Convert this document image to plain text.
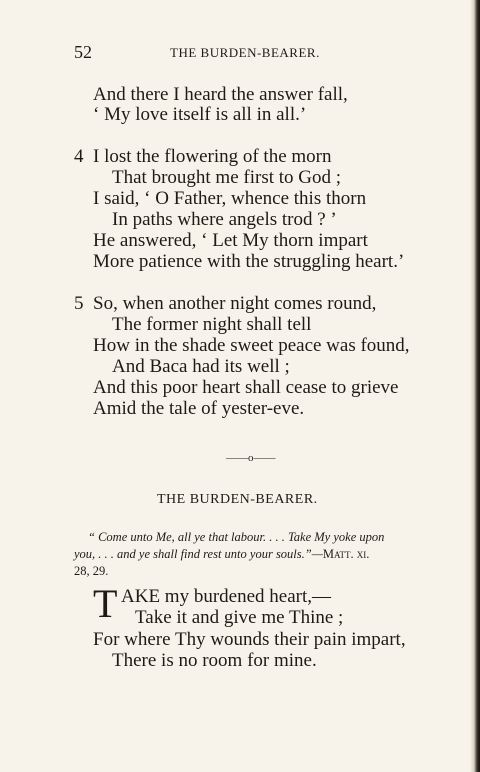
52	THE BURDEN-BEARER.
And there I heard the answer fall,
‘ My love itself is all in all.’
4 I lost the flowering of the morn
That brought me first to God ;
I said, ‘ O Father, whence this thorn
In paths where angels trod ? ’
He answered, ‘ Let My thorn impart
More patience with the struggling heart.’
5 So, when another night comes round,
The former night shall tell
How in the shade sweet peace was found,
And Baca had its well ;
And this poor heart shall cease to grieve
Amid the tale of yester-eve.
——o——
THE BURDEN-BEARER.
“ Come unto Me, all ye that labour. . . . Take My yoke upon
you, . . . and ye shall find rest unto your souls.”—Matt. xi.
28, 29.
T AKE my burdened heart,—
Take it and give me Thine ;
For where Thy wounds their pain impart,
There is no room for mine.
